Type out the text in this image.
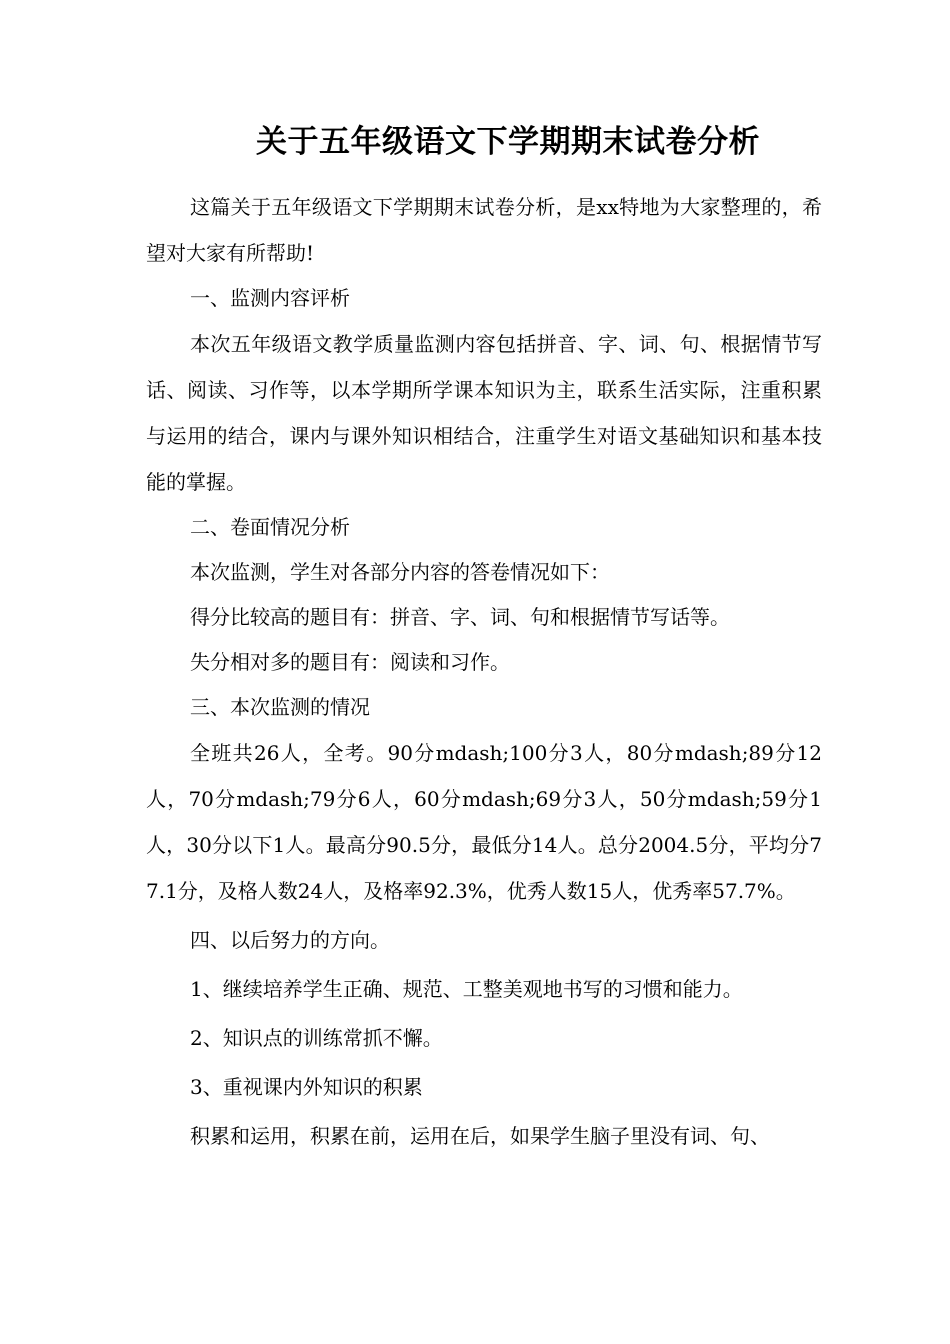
关于五年级语文下学期期末试卷分析

这篇关于五年级语文下学期期末试卷分析，是xx特地为大家整理的，希望对大家有所帮助!

一、监测内容评析

本次五年级语文教学质量监测内容包括拼音、字、词、句、根据情节写话、阅读、习作等，以本学期所学课本知识为主，联系生活实际，注重积累与运用的结合，课内与课外知识相结合，注重学生对语文基础知识和基本技能的掌握。

二、卷面情况分析

本次监测，学生对各部分内容的答卷情况如下：

得分比较高的题目有：拼音、字、词、句和根据情节写话等。

失分相对多的题目有：阅读和习作。

三、本次监测的情况

全班共26人，全考。90分mdash;100分3人，80分mdash;89分12人，70分mdash;79分6人，60分mdash;69分3人，50分mdash;59分1人，30分以下1人。最高分90.5分，最低分14人。总分2004.5分，平均分77.1分，及格人数24人，及格率92.3%，优秀人数15人，优秀率57.7%。

四、以后努力的方向。

1、继续培养学生正确、规范、工整美观地书写的习惯和能力。

2、知识点的训练常抓不懈。

3、重视课内外知识的积累

积累和运用，积累在前，运用在后，如果学生脑子里没有词、句、
